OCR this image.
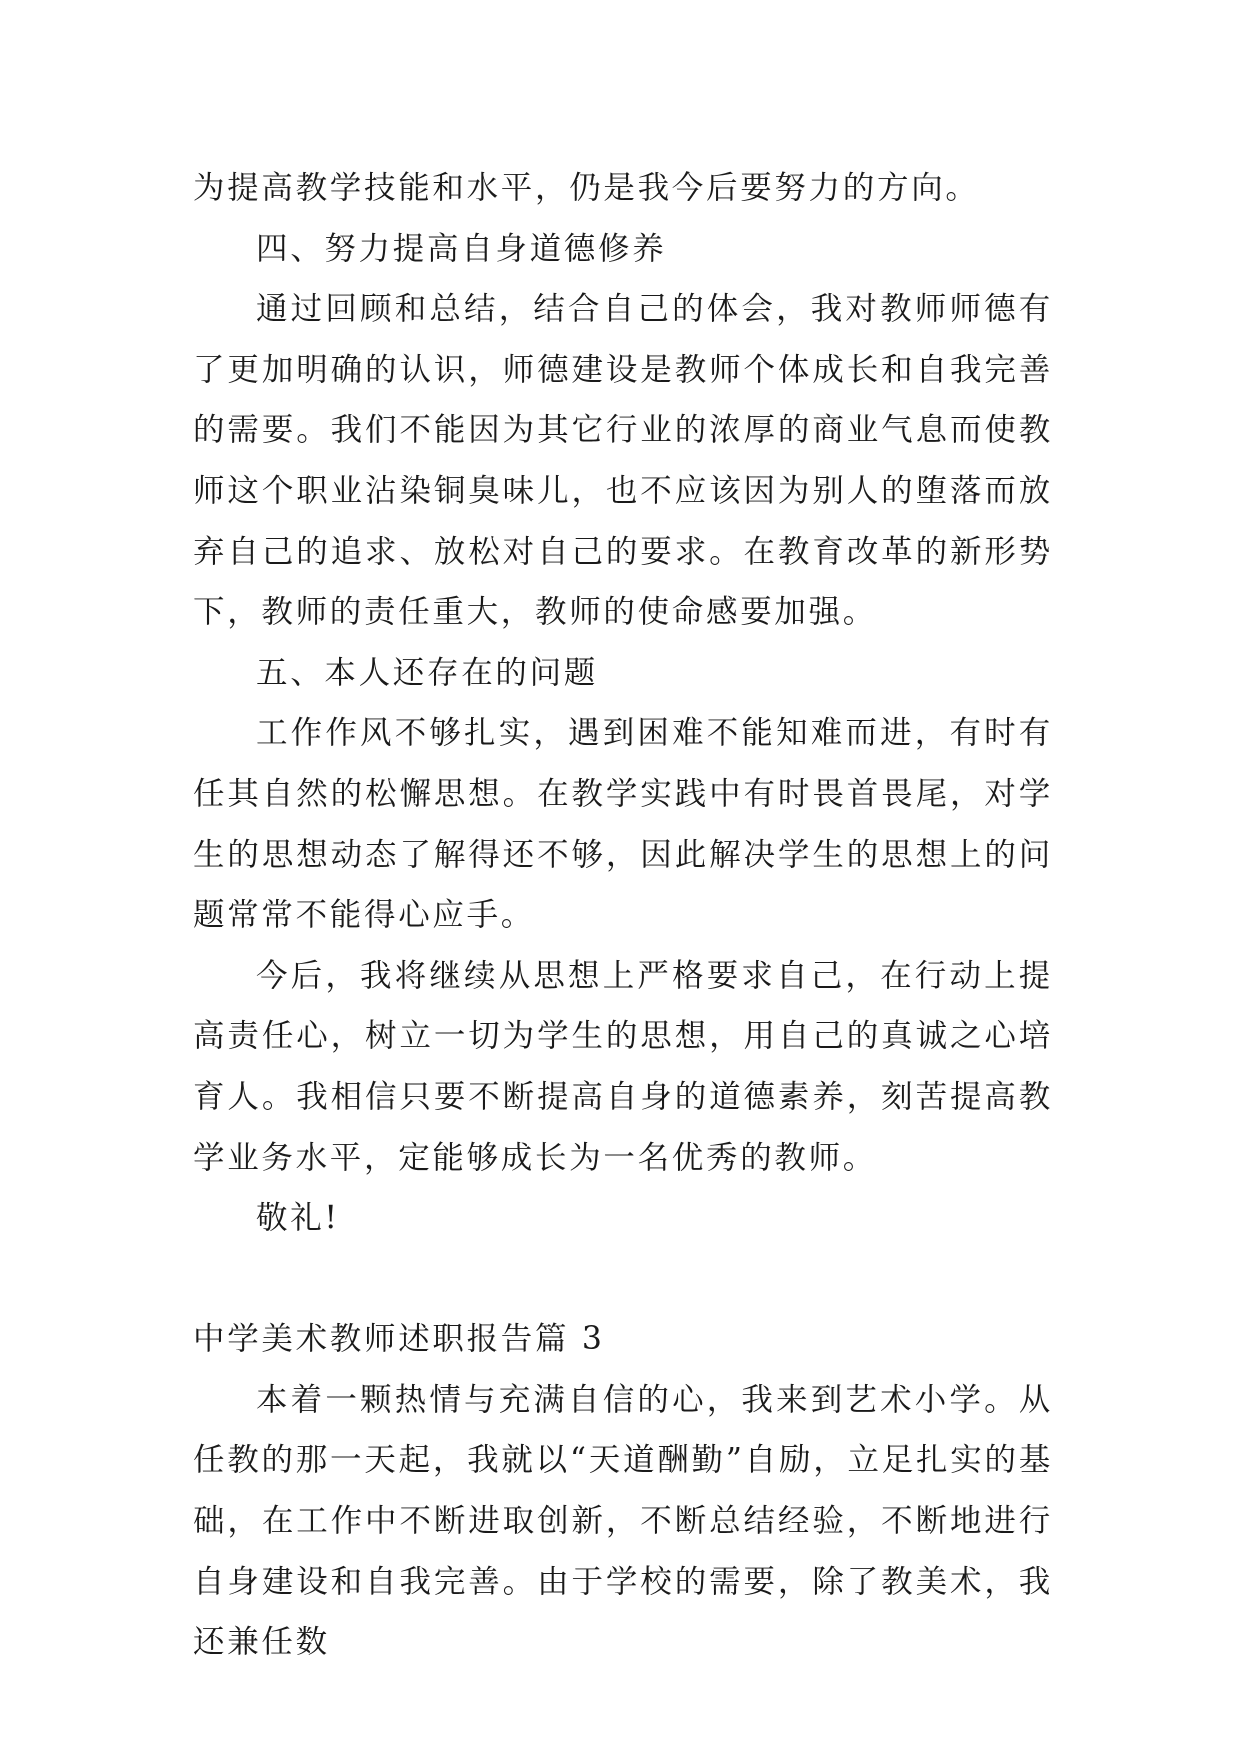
为提高教学技能和水平，仍是我今后要努力的方向。

四、努力提高自身道德修养

通过回顾和总结，结合自己的体会，我对教师师德有了更加明确的认识，师德建设是教师个体成长和自我完善的需要。我们不能因为其它行业的浓厚的商业气息而使教师这个职业沾染铜臭味儿，也不应该因为别人的堕落而放弃自己的追求、放松对自己的要求。在教育改革的新形势下，教师的责任重大，教师的使命感要加强。

五、本人还存在的问题

工作作风不够扎实，遇到困难不能知难而进，有时有任其自然的松懈思想。在教学实践中有时畏首畏尾，对学生的思想动态了解得还不够，因此解决学生的思想上的问题常常不能得心应手。

今后，我将继续从思想上严格要求自己，在行动上提高责任心，树立一切为学生的思想，用自己的真诚之心培育人。我相信只要不断提高自身的道德素养，刻苦提高教学业务水平，定能够成长为一名优秀的教师。

敬礼!

中学美术教师述职报告篇 3

本着一颗热情与充满自信的心，我来到艺术小学。从任教的那一天起，我就以“天道酬勤”自励，立足扎实的基础，在工作中不断进取创新，不断总结经验，不断地进行自身建设和自我完善。由于学校的需要，除了教美术，我还兼任数
